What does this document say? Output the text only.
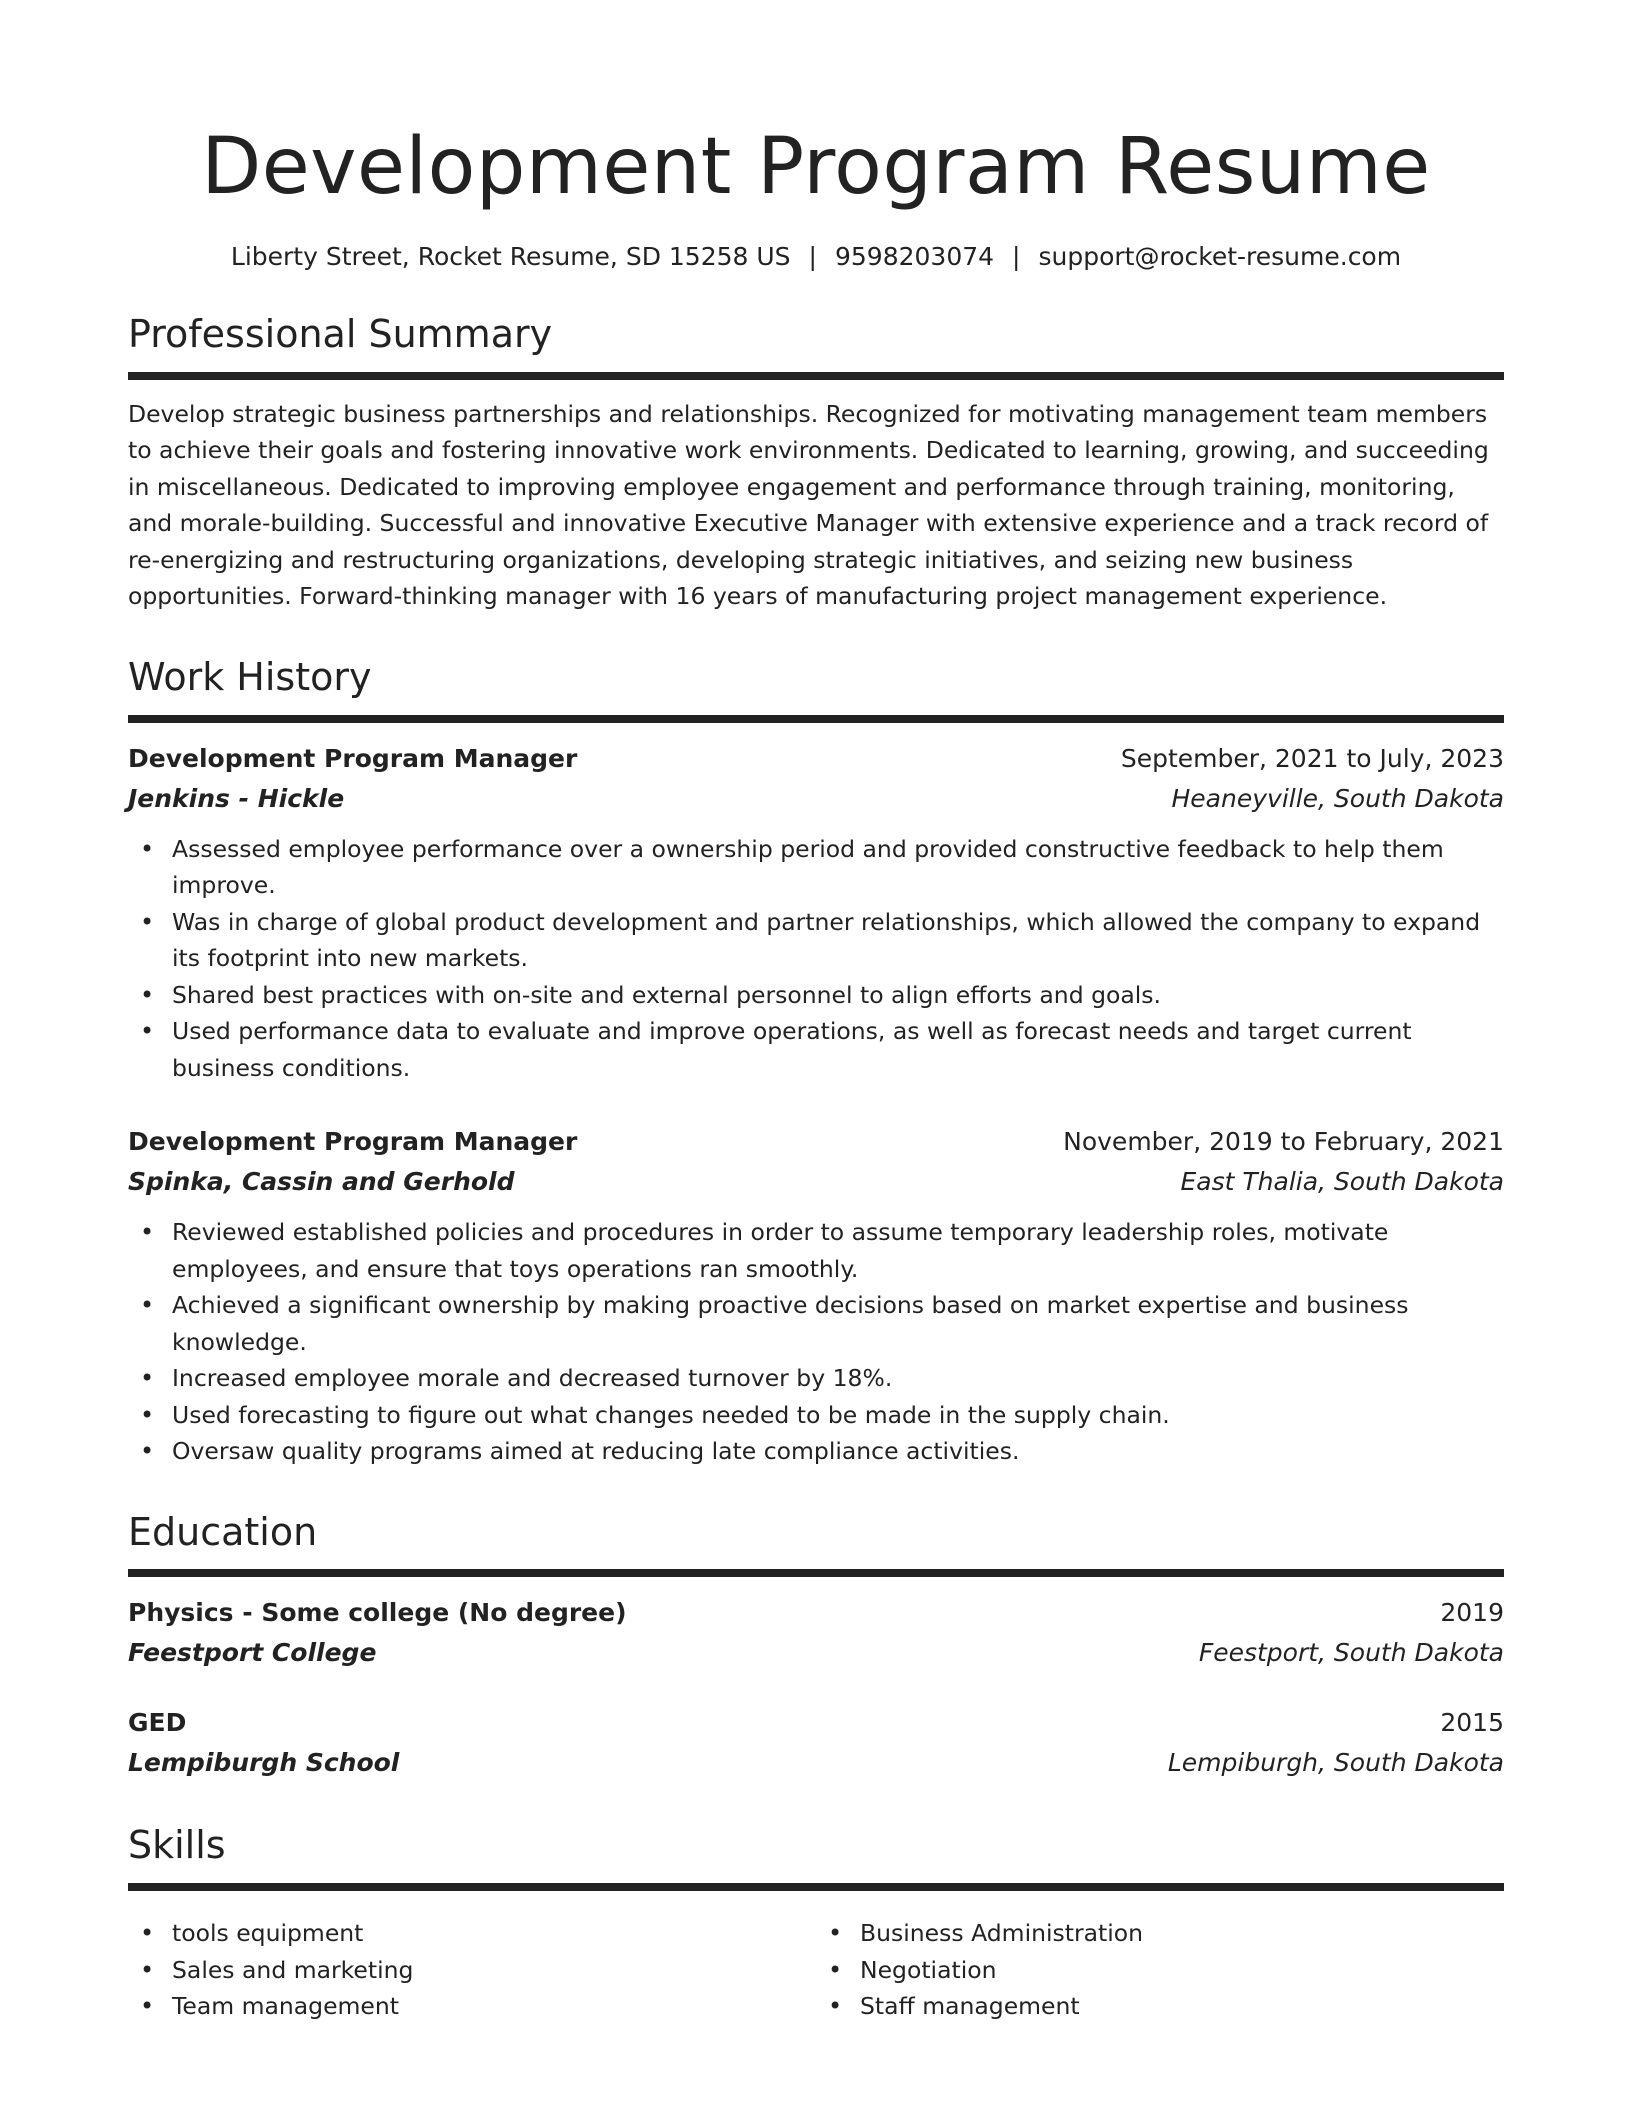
Development Program Resume
Liberty Street, Rocket Resume, SD 15258 US | 9598203074 | support@rocket-resume.com
Professional Summary

Develop strategic business partnerships and relationships. Recognized for motivating management team members to achieve their goals and fostering innovative work environments. Dedicated to learning, growing, and succeeding in miscellaneous. Dedicated to improving employee engagement and performance through training, monitoring, and morale-building. Successful and innovative Executive Manager with extensive experience and a track record of re-energizing and restructuring organizations, developing strategic initiatives, and seizing new business opportunities. Forward-thinking manager with 16 years of manufacturing project management experience.

Work History
Development Program Manager	September, 2021 to July, 2023
Jenkins - Hickle	Heaneyville, South Dakota
• Assessed employee performance over a ownership period and provided constructive feedback to help them improve.
• Was in charge of global product development and partner relationships, which allowed the company to expand its footprint into new markets.
• Shared best practices with on-site and external personnel to align efforts and goals.
• Used performance data to evaluate and improve operations, as well as forecast needs and target current business conditions.
Development Program Manager	November, 2019 to February, 2021
Spinka, Cassin and Gerhold	East Thalia, South Dakota
• Reviewed established policies and procedures in order to assume temporary leadership roles, motivate employees, and ensure that toys operations ran smoothly.
• Achieved a significant ownership by making proactive decisions based on market expertise and business knowledge.
• Increased employee morale and decreased turnover by 18%.
• Used forecasting to figure out what changes needed to be made in the supply chain.
• Oversaw quality programs aimed at reducing late compliance activities.
Education
Physics - Some college (No degree)	2019
Feestport College	Feestport, South Dakota
GED	2015
Lempiburgh School	Lempiburgh, South Dakota
Skills
• tools equipment
• Sales and marketing
• Team management
• Business Administration
• Negotiation
• Staff management
